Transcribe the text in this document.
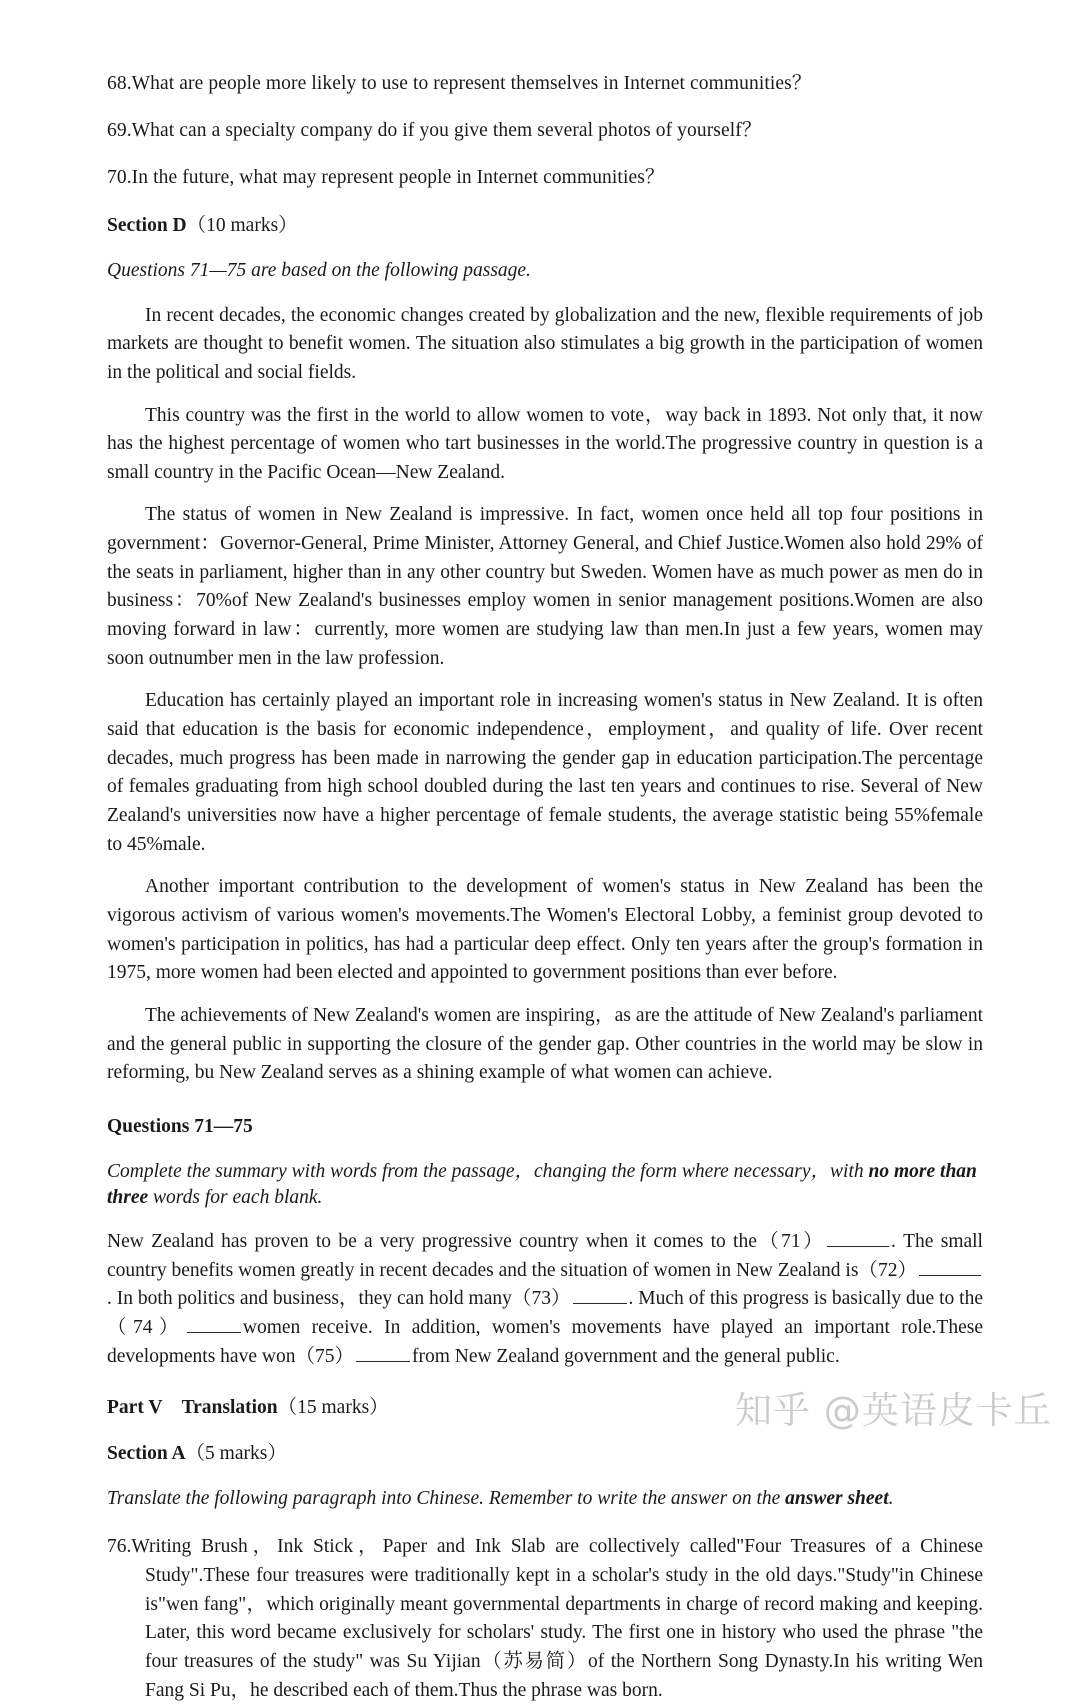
68.What are people more likely to use to represent themselves in Internet communities？

69.What can a specialty company do if you give them several photos of yourself？

70.In the future, what may represent people in Internet communities？

Section D（10 marks）

Questions 71—75 are based on the following passage.

In recent decades, the economic changes created by globalization and the new, flexible requirements of job markets are thought to benefit women. The situation also stimulates a big growth in the participation of women in the political and social fields.

This country was the first in the world to allow women to vote，way back in 1893. Not only that, it now has the highest percentage of women who tart businesses in the world.The progressive country in question is a small country in the Pacific Ocean—New Zealand.

The status of women in New Zealand is impressive. In fact, women once held all top four positions in government：Governor-General, Prime Minister, Attorney General, and Chief Justice.Women also hold 29% of the seats in parliament, higher than in any other country but Sweden. Women have as much power as men do in business：70%of New Zealand's businesses employ women in senior management positions.Women are also moving forward in law：currently, more women are studying law than men.In just a few years, women may soon outnumber men in the law profession.

Education has certainly played an important role in increasing women's status in New Zealand. It is often said that education is the basis for economic independence，employment，and quality of life. Over recent decades, much progress has been made in narrowing the gender gap in education participation.The percentage of females graduating from high school doubled during the last ten years and continues to rise. Several of New Zealand's universities now have a higher percentage of female students, the average statistic being 55%female to 45%male.

Another important contribution to the development of women's status in New Zealand has been the vigorous activism of various women's movements.The Women's Electoral Lobby, a feminist group devoted to women's participation in politics, has had a particular deep effect. Only ten years after the group's formation in 1975, more women had been elected and appointed to government positions than ever before.

The achievements of New Zealand's women are inspiring，as are the attitude of New Zealand's parliament and the general public in supporting the closure of the gender gap. Other countries in the world may be slow in reforming, bu New Zealand serves as a shining example of what women can achieve.

Questions 71—75

Complete the summary with words from the passage，changing the form where necessary，with no more than
three words for each blank.

New Zealand has proven to be a very progressive country when it comes to the（71）	. The small country benefits women greatly in recent decades and the situation of women in New Zealand is（72）. In both politics and business，they can hold many（73）	. Much of this progress is basically due to the（74）	women receive. In addition, women's movements have played an important role.These developments have won（75）	from New Zealand government and the general public.

Part V　Translation（15 marks）

Section A（5 marks）

Translate the following paragraph into Chinese. Remember to write the answer on the answer sheet.

76.Writing Brush，Ink Stick，Paper and Ink Slab are collectively called"Four Treasures of a Chinese Study".These four treasures were traditionally kept in a scholar's study in the old days."Study"in Chinese is"wen fang"，which originally meant governmental departments in charge of record making and keeping. Later, this word became exclusively for scholars' study. The first one in history who used the phrase "the four treasures of the study" was Su Yijian（苏易简）of the Northern Song Dynasty.In his writing Wen Fang Si Pu，he described each of them.Thus the phrase was born.

知乎 @英语皮卡丘
